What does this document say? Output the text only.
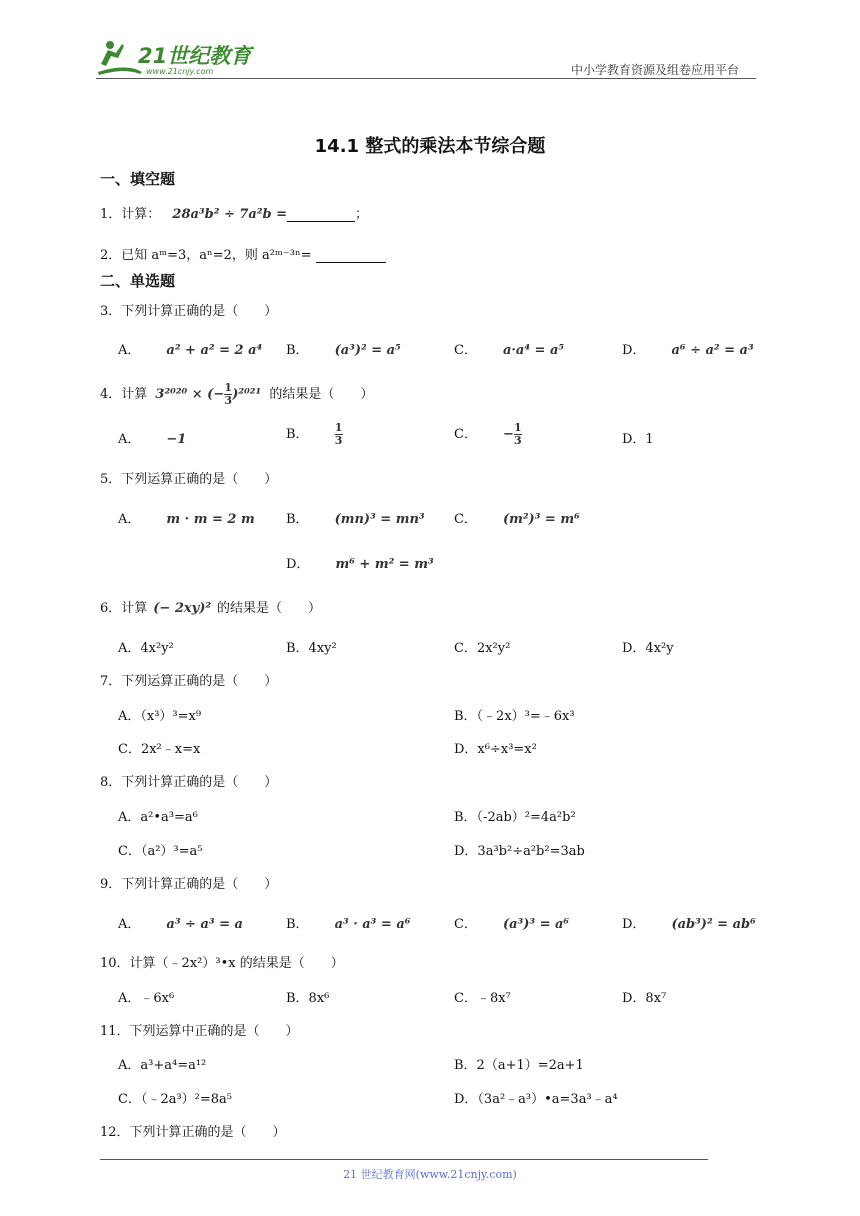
21世纪教育
www.21cnjy.com	中小学教育资源及组卷应用平台
14.1 整式的乘法本节综合题
一、填空题
1．计算： 28a³b² ÷ 7a²b =	；
2．已知 aᵐ=3，aⁿ=2，则 a²ᵐ⁻³ⁿ=
二、单选题
3．下列计算正确的是（　　）
A． a² + a² = 2 a⁴ B． (a³)² = a⁵	C． a·a⁴ = a⁵	D． a⁶ ÷ a² = a³
4．计算 3²⁰²⁰ × (− $\frac{1}{3} )^{2021}$ 的结果是（　　）
A． −1	B． $\frac{1}{3}$	C． − $\frac{1}{3}$	D．1
5．下列运算正确的是（　　）
A． m · m = 2 m B． (mn)³ = mn³ C． (m²)³ = m⁶
D． m⁶ + m² = m³
6．计算 (− 2xy)² 的结果是（　　）
A．4x²y²	B．4xy²	C．2x²y²	D．4x²y
7．下列运算正确的是（　　）
A．（x³）³=x⁹	B．（﹣2x）³=﹣6x³
C．2x²﹣x=x	D．x⁶÷x³=x²
8．下列计算正确的是（　　）
A．a²•a³=a⁶	B．（-2ab）²=4a²b²
C．（a²）³=a⁵	D．3a³b²÷a²b²=3ab
9．下列计算正确的是（　　）
A． a³ ÷ a³ = a	B． a³ · a³ = a⁶	C． (a³)³ = a⁶	D． (ab³)² = ab⁶
10．计算（﹣2x²）³•x 的结果是（　　）
A．﹣6x⁶	B．8x⁶	C．﹣8x⁷	D．8x⁷
11．下列运算中正确的是（　　）
A．a³+a⁴=a¹²	B．2（a+1）=2a+1
C．（﹣2a³）²=8a⁵	D．（3a²﹣a³）•a=3a³﹣a⁴
12．下列计算正确的是（　　）
21 世纪教育网(www.21cnjy.com)
